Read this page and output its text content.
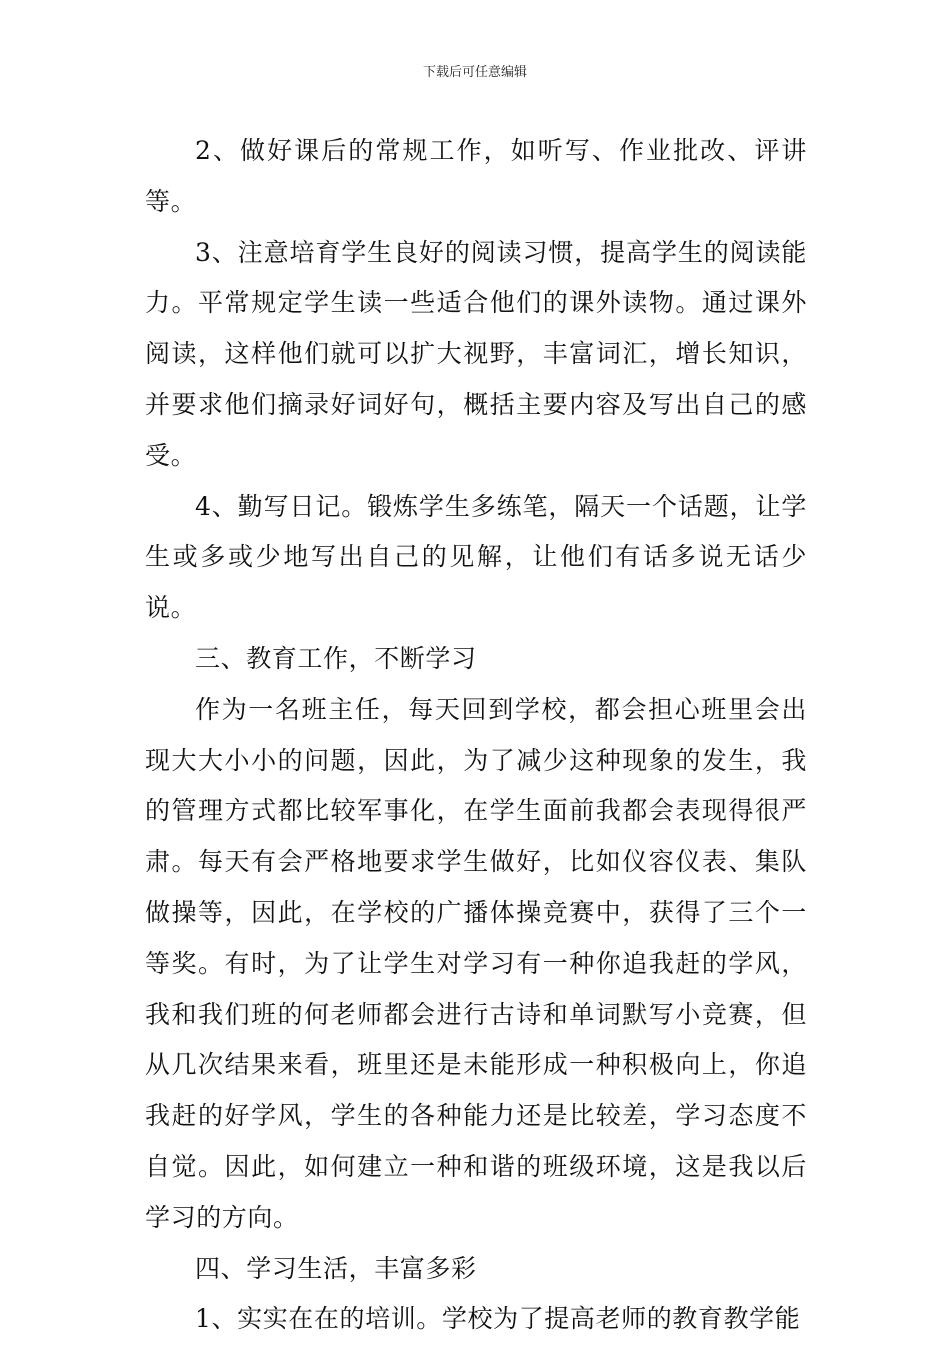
下载后可任意编辑

2、做好课后的常规工作，如听写、作业批改、评讲等。

3、注意培育学生良好的阅读习惯，提高学生的阅读能力。平常规定学生读一些适合他们的课外读物。通过课外阅读，这样他们就可以扩大视野，丰富词汇，增长知识，并要求他们摘录好词好句，概括主要内容及写出自己的感受。

4、勤写日记。锻炼学生多练笔，隔天一个话题，让学生或多或少地写出自己的见解，让他们有话多说无话少说。

三、教育工作，不断学习

作为一名班主任，每天回到学校，都会担心班里会出现大大小小的问题，因此，为了减少这种现象的发生，我的管理方式都比较军事化，在学生面前我都会表现得很严肃。每天有会严格地要求学生做好，比如仪容仪表、集队做操等，因此，在学校的广播体操竞赛中，获得了三个一等奖。有时，为了让学生对学习有一种你追我赶的学风，我和我们班的何老师都会进行古诗和单词默写小竞赛，但从几次结果来看，班里还是未能形成一种积极向上，你追我赶的好学风，学生的各种能力还是比较差，学习态度不自觉。因此，如何建立一种和谐的班级环境，这是我以后学习的方向。

四、学习生活，丰富多彩

1、实实在在的培训。学校为了提高老师的教育教学能
